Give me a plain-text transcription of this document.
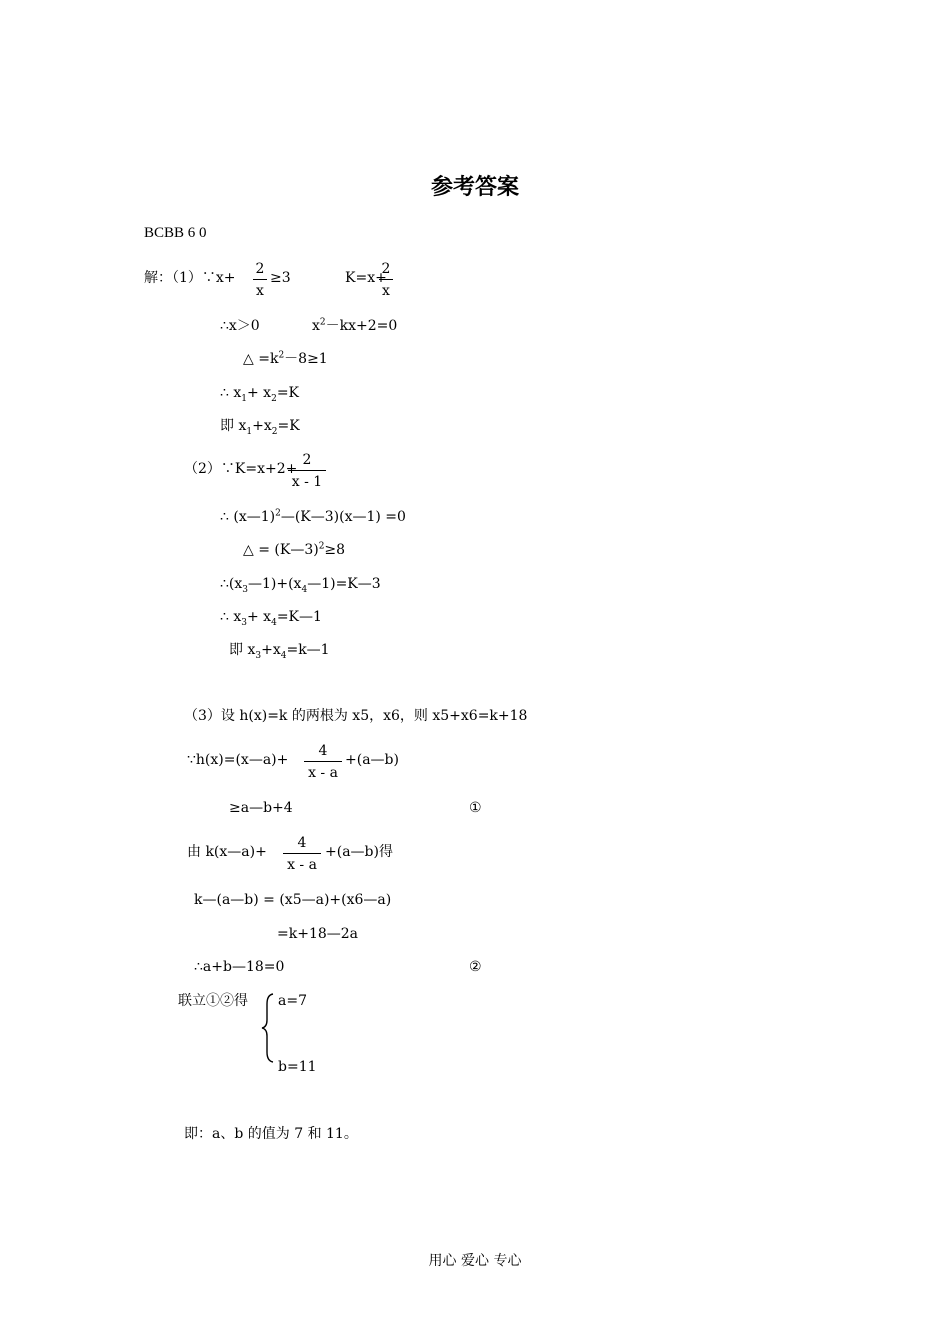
参考答案
BCBB 6 0
解：（1）∵x+
2
x
≥3	K=x+
2
x
∴x＞0	$x^2-kx+2=0$
△ $=k^2-8\ge 1$
∴ $x_1+ x_2=K$
即 $x_1+x_2=K$
（2）∵K=x+2+
2
x - 1
∴ (x—1)$^2$—(K—3)(x—1) =0
△ = (K—3)$^2$≥8
$\therefore(x_3—1)+(x_4—1)=K—3$
∴ $x_3+$ $x_4=K—1$
即 $x_3+x_4=k—1$
（3）设 h(x)=k 的两根为 x5，x6，则 x5+x6=k+18
∵h(x)=(x—a)+
4
x - a
+(a—b)
≥a—b+4	①
由 k(x—a)+
4
x - a
+(a—b)得
k—(a—b) = (x5—a)+(x6—a)
=k+18—2a
∴a+b—18=0	②
联立①②得 a=7
b=11
即：a、b 的值为 7 和 11。
用心 爱心 专心
